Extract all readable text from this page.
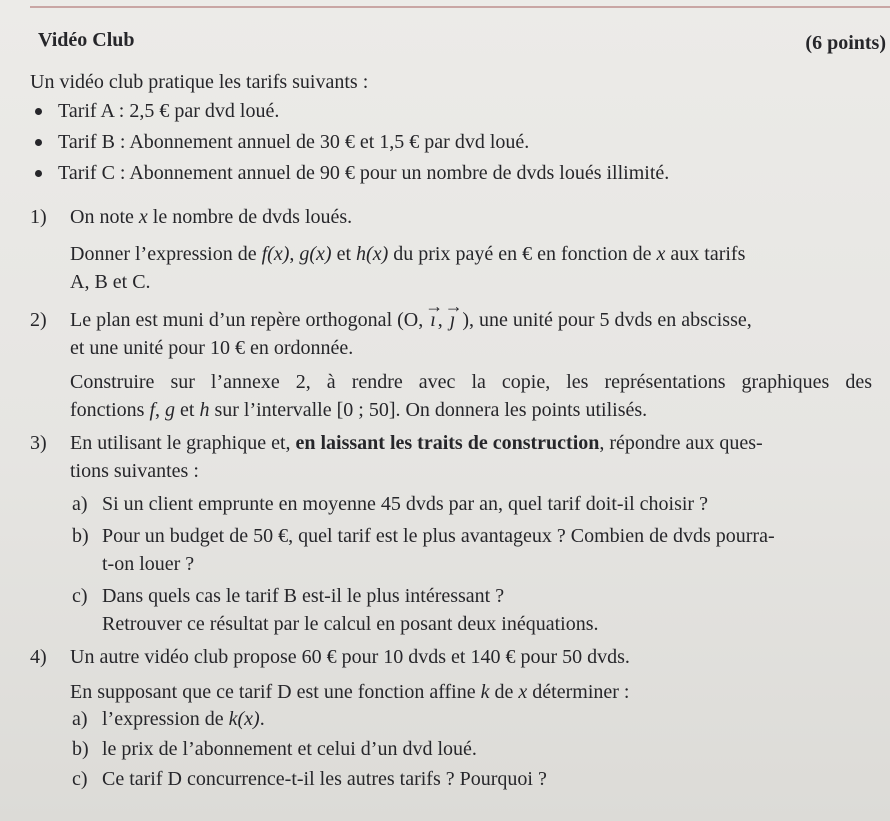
Vidéo Club	(6 points)
Un vidéo club pratique les tarifs suivants :
Tarif A : 2,5 € par dvd loué.
Tarif B : Abonnement annuel de 30 € et 1,5 € par dvd loué.
Tarif C : Abonnement annuel de 90 € pour un nombre de dvds loués illimité.
1) On note x le nombre de dvds loués.
Donner l’expression de f(x), g(x) et h(x) du prix payé en € en fonction de x aux tarifs
A, B et C.
2) Le plan est muni d’un repère orthogonal (O, → ı , → ȷ ), une unité pour 5 dvds en abscisse,
et une unité pour 10 € en ordonnée.
Construire sur l’annexe 2, à rendre avec la copie, les représentations graphiques des
fonctions f, g et h sur l’intervalle [0 ; 50]. On donnera les points utilisés.
3) En utilisant le graphique et, en laissant les traits de construction, répondre aux ques-
tions suivantes :
a) Si un client emprunte en moyenne 45 dvds par an, quel tarif doit-il choisir ?
b) Pour un budget de 50 €, quel tarif est le plus avantageux ? Combien de dvds pourra-
t-on louer ?
c) Dans quels cas le tarif B est-il le plus intéressant ?
Retrouver ce résultat par le calcul en posant deux inéquations.
4) Un autre vidéo club propose 60 € pour 10 dvds et 140 € pour 50 dvds.
En supposant que ce tarif D est une fonction affine k de x déterminer :
a) l’expression de k(x).
b) le prix de l’abonnement et celui d’un dvd loué.
c) Ce tarif D concurrence-t-il les autres tarifs ? Pourquoi ?
